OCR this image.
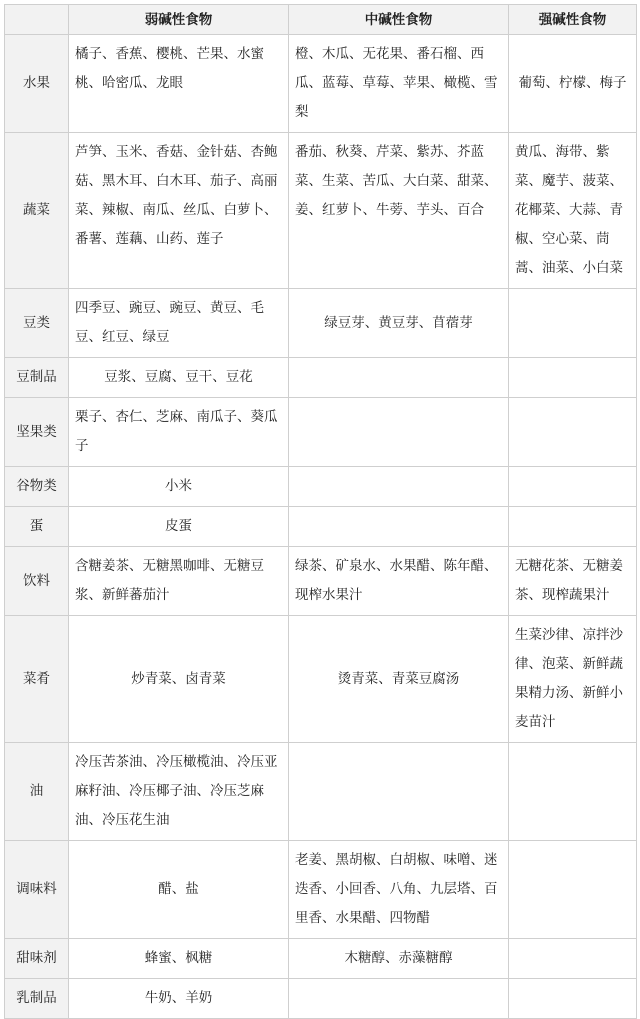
	弱碱性食物	中碱性食物	强碱性食物
水果	橘子、香蕉、樱桃、芒果、水蜜桃、哈密瓜、龙眼	橙、木瓜、无花果、番石榴、西瓜、蓝莓、草莓、苹果、橄榄、雪梨	葡萄、柠檬、梅子
蔬菜	芦笋、玉米、香菇、金针菇、杏鲍菇、黑木耳、白木耳、茄子、高丽菜、辣椒、南瓜、丝瓜、白萝卜、番薯、莲藕、山药、莲子	番茄、秋葵、芹菜、紫苏、芥蓝菜、生菜、苦瓜、大白菜、甜菜、姜、红萝卜、牛蒡、芋头、百合	黄瓜、海带、紫菜、魔芋、菠菜、花椰菜、大蒜、青椒、空心菜、茼蒿、油菜、小白菜
豆类	四季豆、豌豆、豌豆、黄豆、毛豆、红豆、绿豆	绿豆芽、黄豆芽、苜蓿芽	
豆制品	豆浆、豆腐、豆干、豆花		
坚果类	栗子、杏仁、芝麻、南瓜子、葵瓜子		
谷物类	小米		
蛋	皮蛋		
饮料	含糖姜茶、无糖黑咖啡、无糖豆浆、新鲜蕃茄汁	绿茶、矿泉水、水果醋、陈年醋、现榨水果汁	无糖花茶、无糖姜茶、现榨蔬果汁
菜肴	炒青菜、卤青菜	烫青菜、青菜豆腐汤	生菜沙律、凉拌沙律、泡菜、新鲜蔬果精力汤、新鲜小麦苗汁
油	冷压苦茶油、冷压橄榄油、冷压亚麻籽油、冷压椰子油、冷压芝麻油、冷压花生油		
调味料	醋、盐	老姜、黑胡椒、白胡椒、味噌、迷迭香、小回香、八角、九层塔、百里香、水果醋、四物醋	
甜味剂	蜂蜜、枫糖	木糖醇、赤藻糖醇	
乳制品	牛奶、羊奶		
